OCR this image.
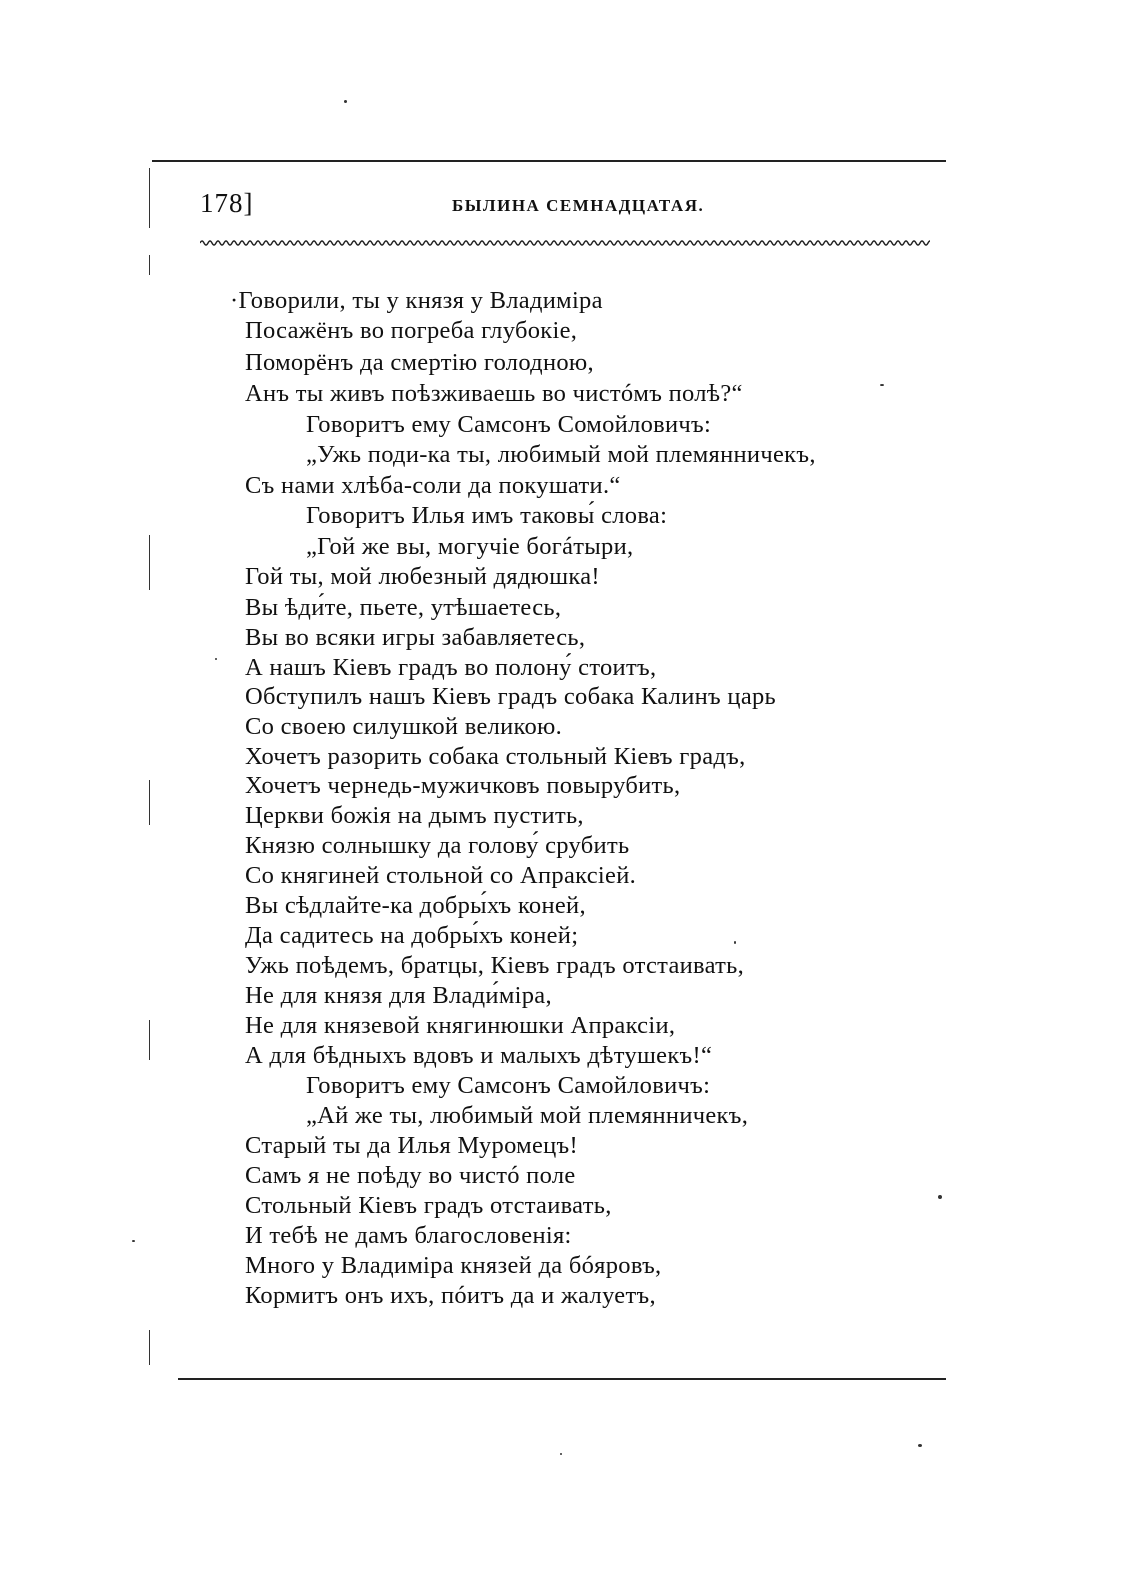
178]	БЫЛИНА СЕМНАДЦАТАЯ.
·Говорили, ты у князя у Владиміра
Посажёнъ во погреба глубокіе,
Поморёнъ да смертію голодною,
Анъ ты живъ поѣзживаешь во чистóмъ полѣ?“
Говоритъ ему Самсонъ Сомойловичъ:
„Ужь поди-ка ты, любимый мой племянничекъ,
Съ нами хлѣба-соли да покушати.“
Говоритъ Илья имъ таковы́ слова:
„Гой же вы, могучіе богáтыри,
Гой ты, мой любезный дядюшка!
Вы ѣди́те, пьете, утѣшаетесь,
Вы во всяки игры забавляетесь,
А нашъ Кіевъ градъ во полону́ стоитъ,
Обступилъ нашъ Кіевъ градъ собака Калинъ царь
Со своею силушкой великою.
Хочетъ разорить собака стольный Кіевъ градъ,
Хочетъ чернедь-мужичковъ повырубить,
Церкви божія на дымъ пустить,
Князю солнышку да голову́ срубить
Со княгиней стольной со Апраксіей.
Вы сѣдлайте-ка добры́хъ коней,
Да садитесь на добры́хъ коней;
Ужь поѣдемъ, братцы, Кіевъ градъ отстаивать,
Не для князя для Влади́міра,
Не для князевой княгинюшки Апраксіи,
А для бѣдныхъ вдовъ и малыхъ дѣтушекъ!“
Говоритъ ему Самсонъ Самойловичъ:
„Ай же ты, любимый мой племянничекъ,
Старый ты да Илья Муромецъ!
Самъ я не поѣду во чистó поле
Стольный Кіевъ градъ отстаивать,
И тебѣ не дамъ благословенія:
Много у Владиміра князей да бóяровъ,
Кормитъ онъ ихъ, пóитъ да и жалуетъ,
